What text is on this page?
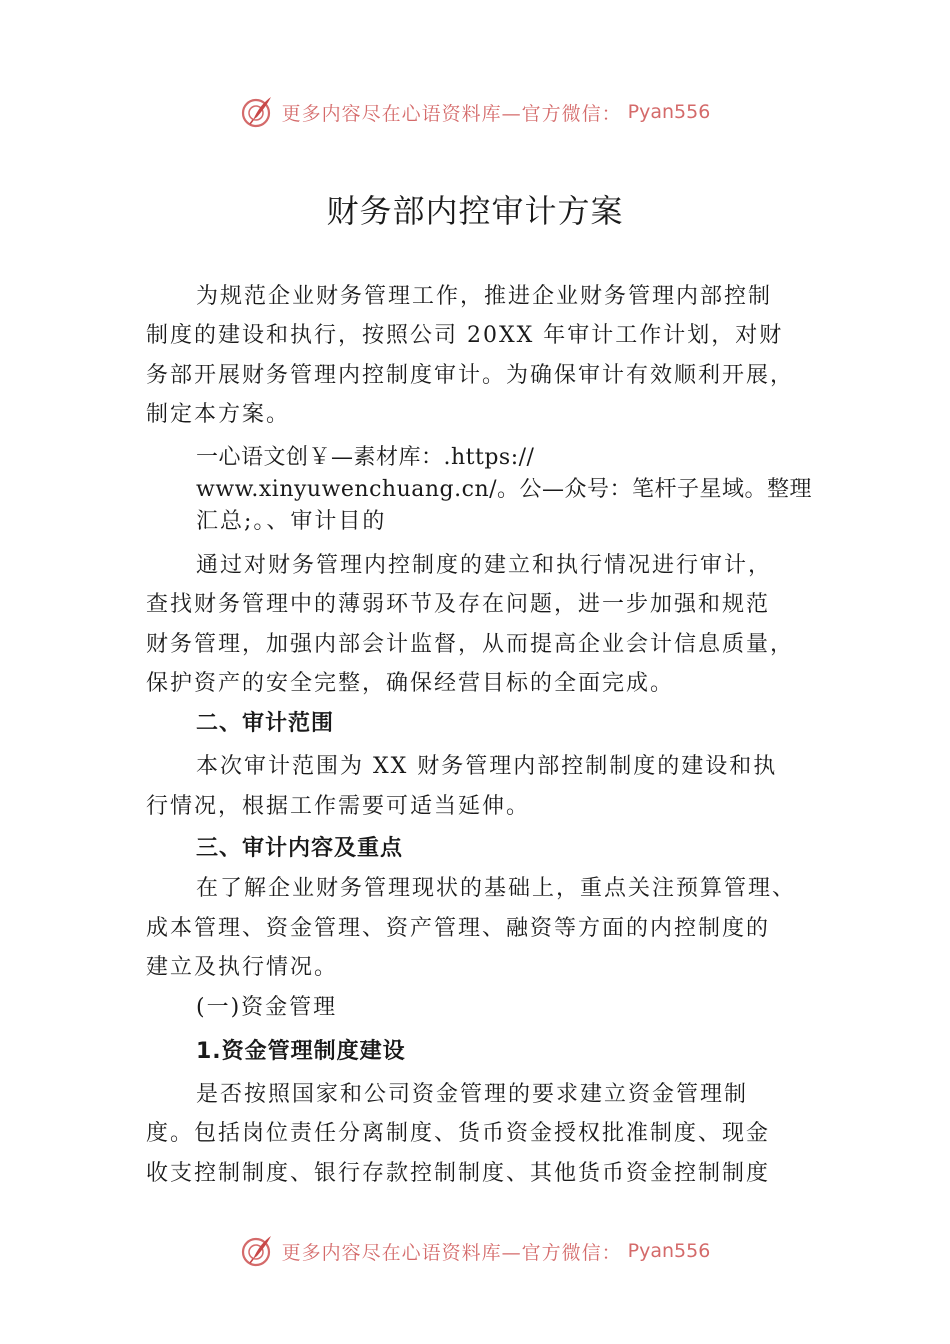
更多内容尽在心语资料库—官方微信： Pyan556
财务部内控审计方案
为规范企业财务管理工作，推进企业财务管理内部控制
制度的建设和执行，按照公司 20XX 年审计工作计划，对财
务部开展财务管理内控制度审计。为确保审计有效顺利开展，
制定本方案。
一心语文创￥—素材库：.https://
www.xinyuwenchuang.cn/。公—众号：笔杆子星域。整理
汇总;。、审计目的
通过对财务管理内控制度的建立和执行情况进行审计，
查找财务管理中的薄弱环节及存在问题，进一步加强和规范
财务管理，加强内部会计监督，从而提高企业会计信息质量，
保护资产的安全完整，确保经营目标的全面完成。
二、审计范围
本次审计范围为 XX 财务管理内部控制制度的建设和执
行情况，根据工作需要可适当延伸。
三、审计内容及重点
在了解企业财务管理现状的基础上，重点关注预算管理、
成本管理、资金管理、资产管理、融资等方面的内控制度的
建立及执行情况。
(一)资金管理
1.资金管理制度建设
是否按照国家和公司资金管理的要求建立资金管理制
度。包括岗位责任分离制度、货币资金授权批准制度、现金
收支控制制度、银行存款控制制度、其他货币资金控制制度
更多内容尽在心语资料库—官方微信： Pyan556
